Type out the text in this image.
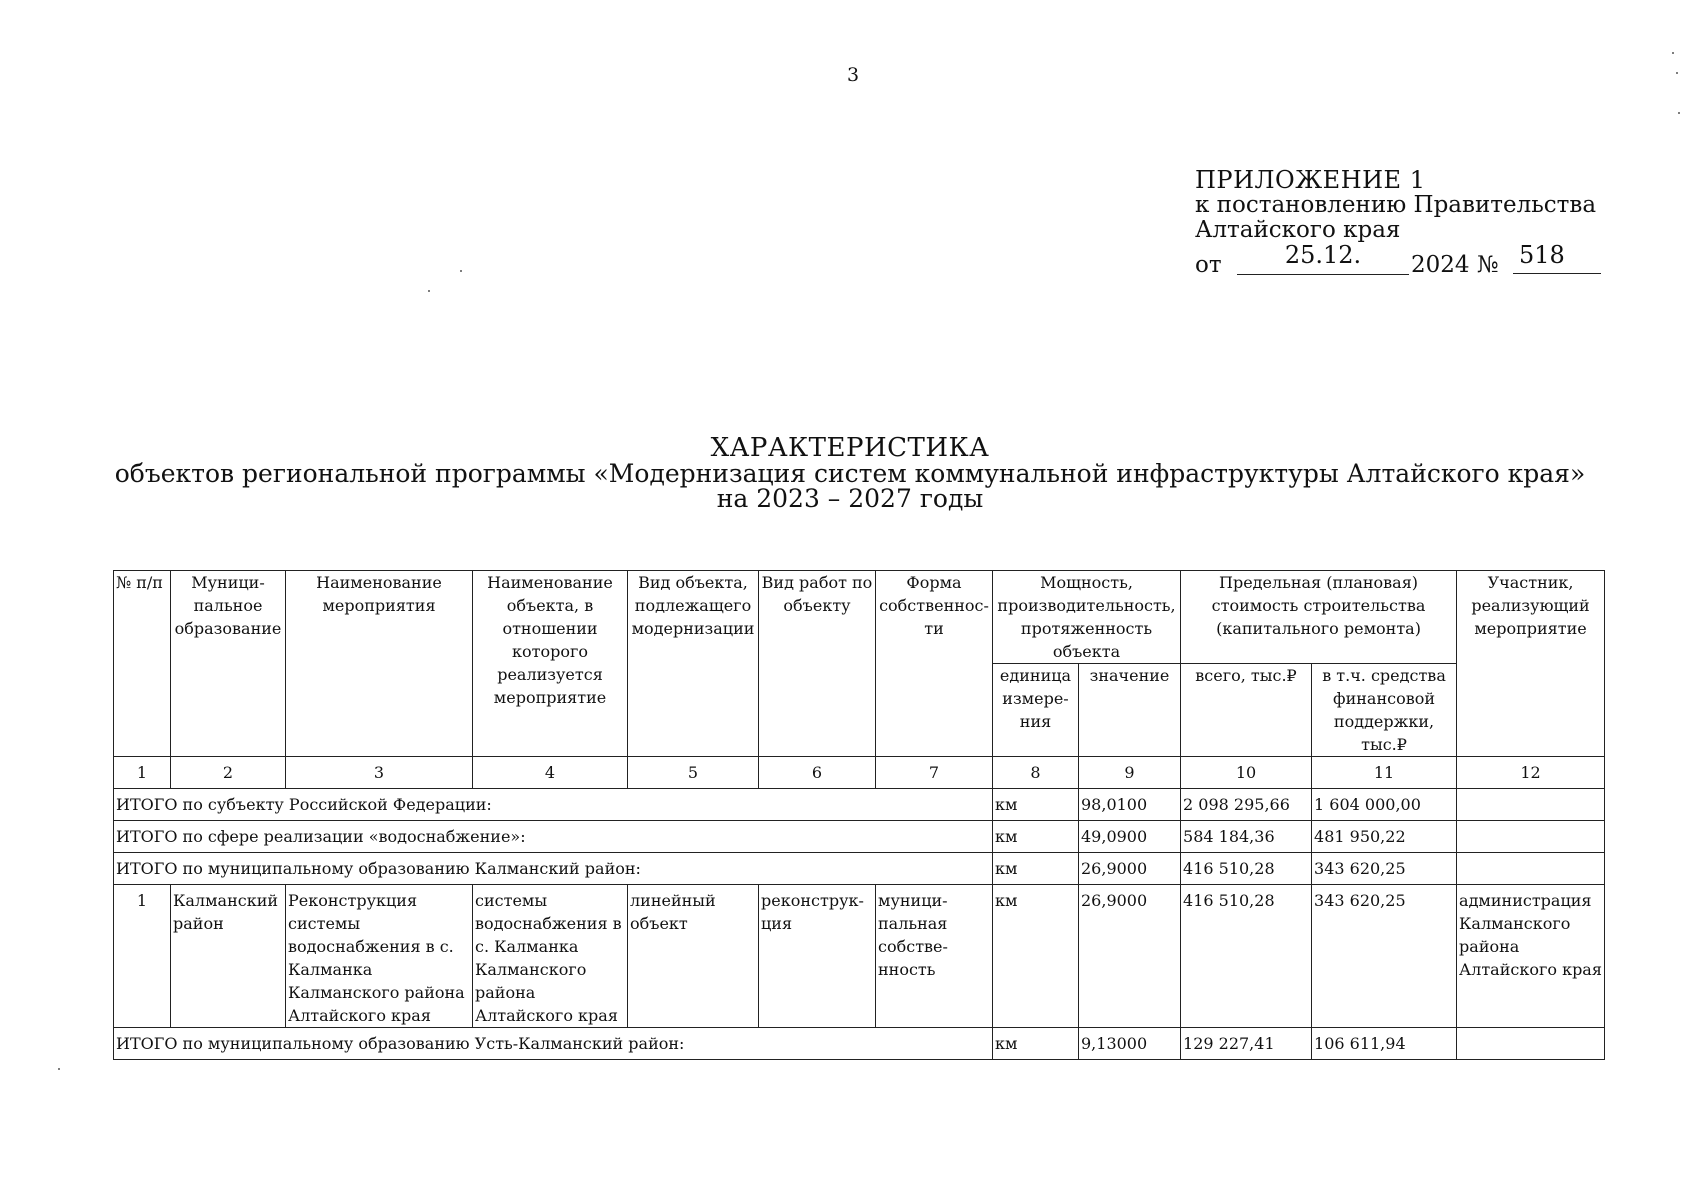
3
ПРИЛОЖЕНИЕ 1
к постановлению Правительства
Алтайского края
от	25.12.	2024 № 518
ХАРАКТЕРИСТИКА
объектов региональной программы «Модернизация систем коммунальной инфраструктуры Алтайского края»
на 2023 – 2027 годы
№ п/п	Муници-пальное образование	Наименование мероприятия	Наименование объекта, в отношении которого реализуется мероприятие	Вид объекта, подлежащего модернизации	Вид работ по объекту	Форма собственнос-ти	Мощность, производительность, протяженность объекта		Предельная (плановая) стоимость строительства (капитального ремонта)		Участник, реализующий мероприятие
							единица измере-ния	значение	всего, тыс.₽	в т.ч. средства финансовой поддержки, тыс.₽	
1	2	3	4	5	6	7	8	9	10	11	12
ИТОГО по субъекту Российской Федерации:							км	98,0100	2 098 295,66	1 604 000,00	
ИТОГО по сфере реализации «водоснабжение»:							км	49,0900	584 184,36	481 950,22	
ИТОГО по муниципальному образованию Калманский район:							км	26,9000	416 510,28	343 620,25	
1	Калманский район	Реконструкция системы водоснабжения в с. Калманка Калманского района Алтайского края	системы водоснабжения в с. Калманка Калманского района Алтайского края	линейный объект	реконструк-ция	муници-пальная собстве-нность	км	26,9000	416 510,28	343 620,25	администрация Калманского района Алтайского края
ИТОГО по муниципальному образованию Усть-Калманский район:							км	9,13000	129 227,41	106 611,94	
